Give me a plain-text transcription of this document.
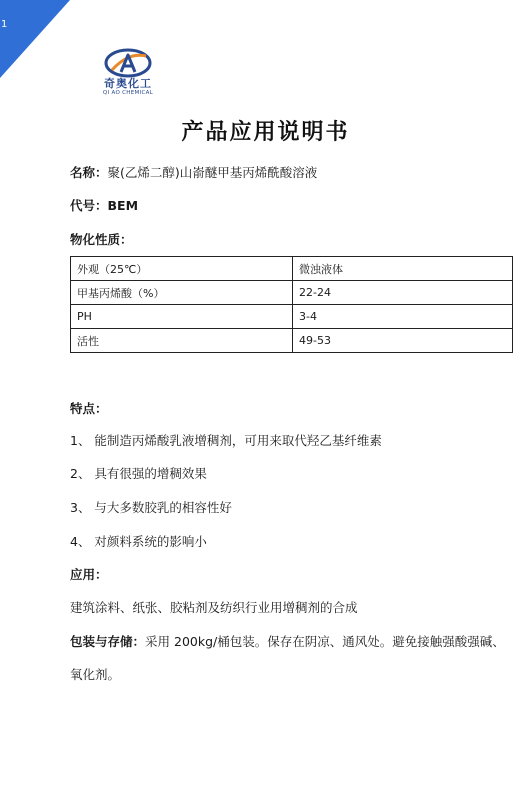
1
奇奥化工
QI AO CHEMICAL
产品应用说明书
名称：聚(乙烯二醇)山嵛醚甲基丙烯酰酸溶液
代号：BEM
物化性质：
外观（25℃）	微浊液体
甲基丙烯酸（%）	22-24
PH	3-4
活性	49-53
特点：
1、 能制造丙烯酸乳液增稠剂，可用来取代羟乙基纤维素
2、 具有很强的增稠效果
3、 与大多数胶乳的相容性好
4、 对颜料系统的影响小
应用：
建筑涂料、纸张、胶粘剂及纺织行业用增稠剂的合成
包装与存储：采用 200kg/桶包装。保存在阴凉、通风处。避免接触强酸强碱、
氧化剂。
